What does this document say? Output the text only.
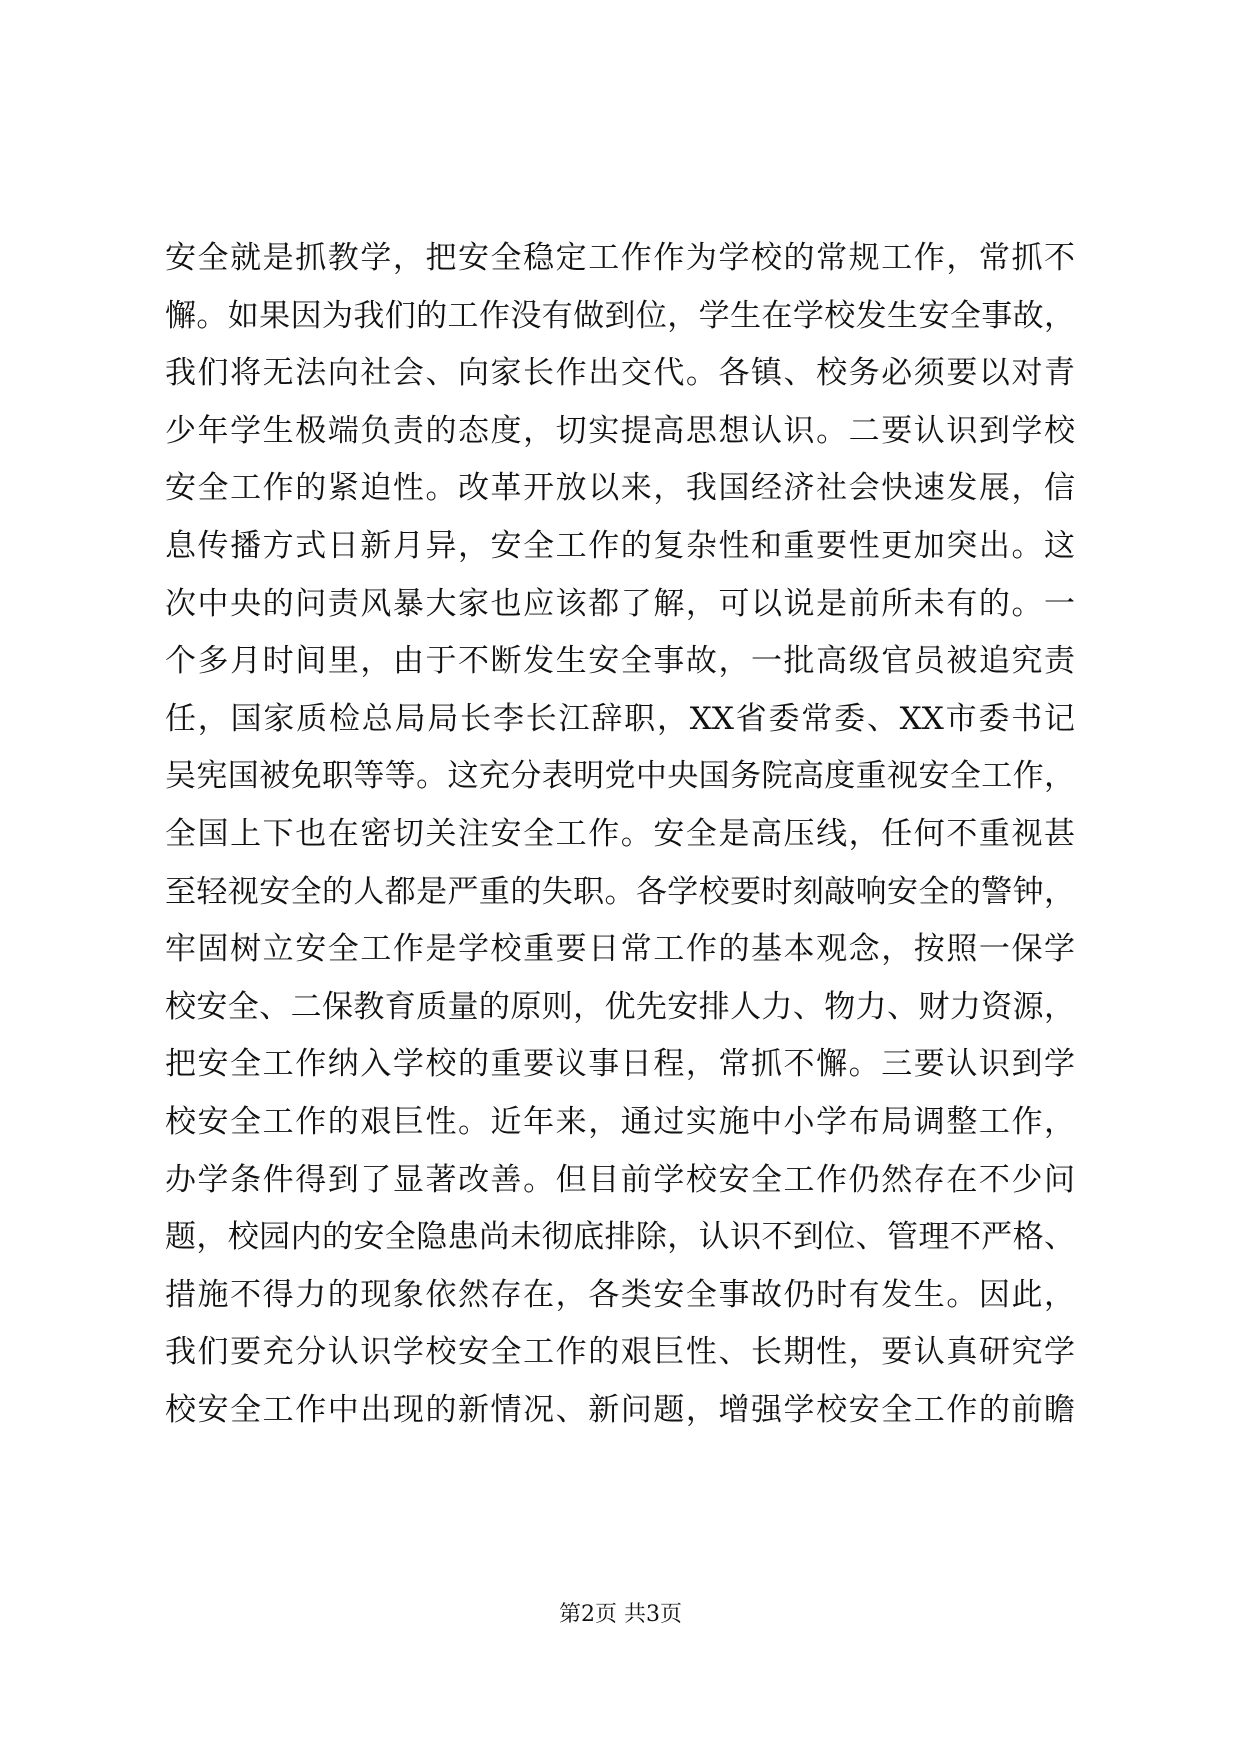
安全就是抓教学，把安全稳定工作作为学校的常规工作，常抓不
懈。如果因为我们的工作没有做到位，学生在学校发生安全事故，
我们将无法向社会、向家长作出交代。各镇、校务必须要以对青
少年学生极端负责的态度，切实提高思想认识。二要认识到学校
安全工作的紧迫性。改革开放以来，我国经济社会快速发展，信
息传播方式日新月异，安全工作的复杂性和重要性更加突出。这
次中央的问责风暴大家也应该都了解，可以说是前所未有的。一
个多月时间里，由于不断发生安全事故，一批高级官员被追究责
任，国家质检总局局长李长江辞职，XX省委常委、XX市委书记
吴宪国被免职等等。这充分表明党中央国务院高度重视安全工作，
全国上下也在密切关注安全工作。安全是高压线，任何不重视甚
至轻视安全的人都是严重的失职。各学校要时刻敲响安全的警钟，
牢固树立安全工作是学校重要日常工作的基本观念，按照一保学
校安全、二保教育质量的原则，优先安排人力、物力、财力资源，
把安全工作纳入学校的重要议事日程，常抓不懈。三要认识到学
校安全工作的艰巨性。近年来，通过实施中小学布局调整工作，
办学条件得到了显著改善。但目前学校安全工作仍然存在不少问
题，校园内的安全隐患尚未彻底排除，认识不到位、管理不严格、
措施不得力的现象依然存在，各类安全事故仍时有发生。因此，
我们要充分认识学校安全工作的艰巨性、长期性，要认真研究学
校安全工作中出现的新情况、新问题，增强学校安全工作的前瞻
第2页 共3页
